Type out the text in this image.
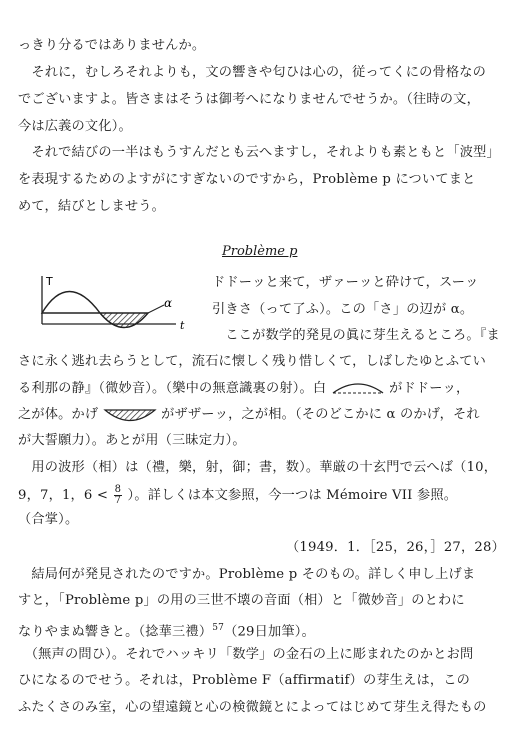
っきり分るではありませんか。
　それに，むしろそれよりも，文の響きや匂ひは心の，従ってくにの骨格なの
でございますよ。皆さまはそうは御考へになりませんでせうか。（往時の文，
今は広義の文化）。
　それで結びの一半はもうすんだとも云へますし，それよりも素ともと「波型」
を表現するためのよすがにすぎないのですから，Problème p についてまと
めて，結びとしませう。
Problème p
T
t
α
ドドーッと来て，ザァーッと砕けて，スーッ
引きさ（って了ふ）。この「さ」の辺が α。
　ここが数学的発見の眞に芽生えるところ。『ま
さに永く逃れ去らうとして，流石に懐しく残り惜しくて，しばしたゆとふてい
る利那の静』（微妙音）。（樂中の無意識裏の射）。白	がドドーッ，
之が体。かげ	がザザーッ，之が相。（そのどこかに α のかげ，それ
が大誓願力）。あとが用（三昧定力）。
　用の波形（相）は（禮，樂，射，御；書，数）。華厳の十玄門で云へば（10，
9，7，1，$6 < \frac{8}{7}$ ）。詳しくは本文参照，今一つは Mémoire VII 参照。
（合掌）。
（1949．1．［25，26，］27，28）
　結局何が発見されたのですか。Problème p そのもの。詳しく申し上げま
すと，「Problème p」の用の三世不壊の音面（相）と「微妙音」のとわに
なりやまぬ響きと。（捻華三禮）$^{57}$（29日加筆）。
　（無声の問ひ）。それでハッキリ「数学」の金石の上に彫まれたのかとお問
ひになるのでせう。それは，Problème F（affirmatif）の芽生えは，この
ふたくさのみ室，心の望遠鏡と心の検微鏡とによってはじめて芽生え得たもの
